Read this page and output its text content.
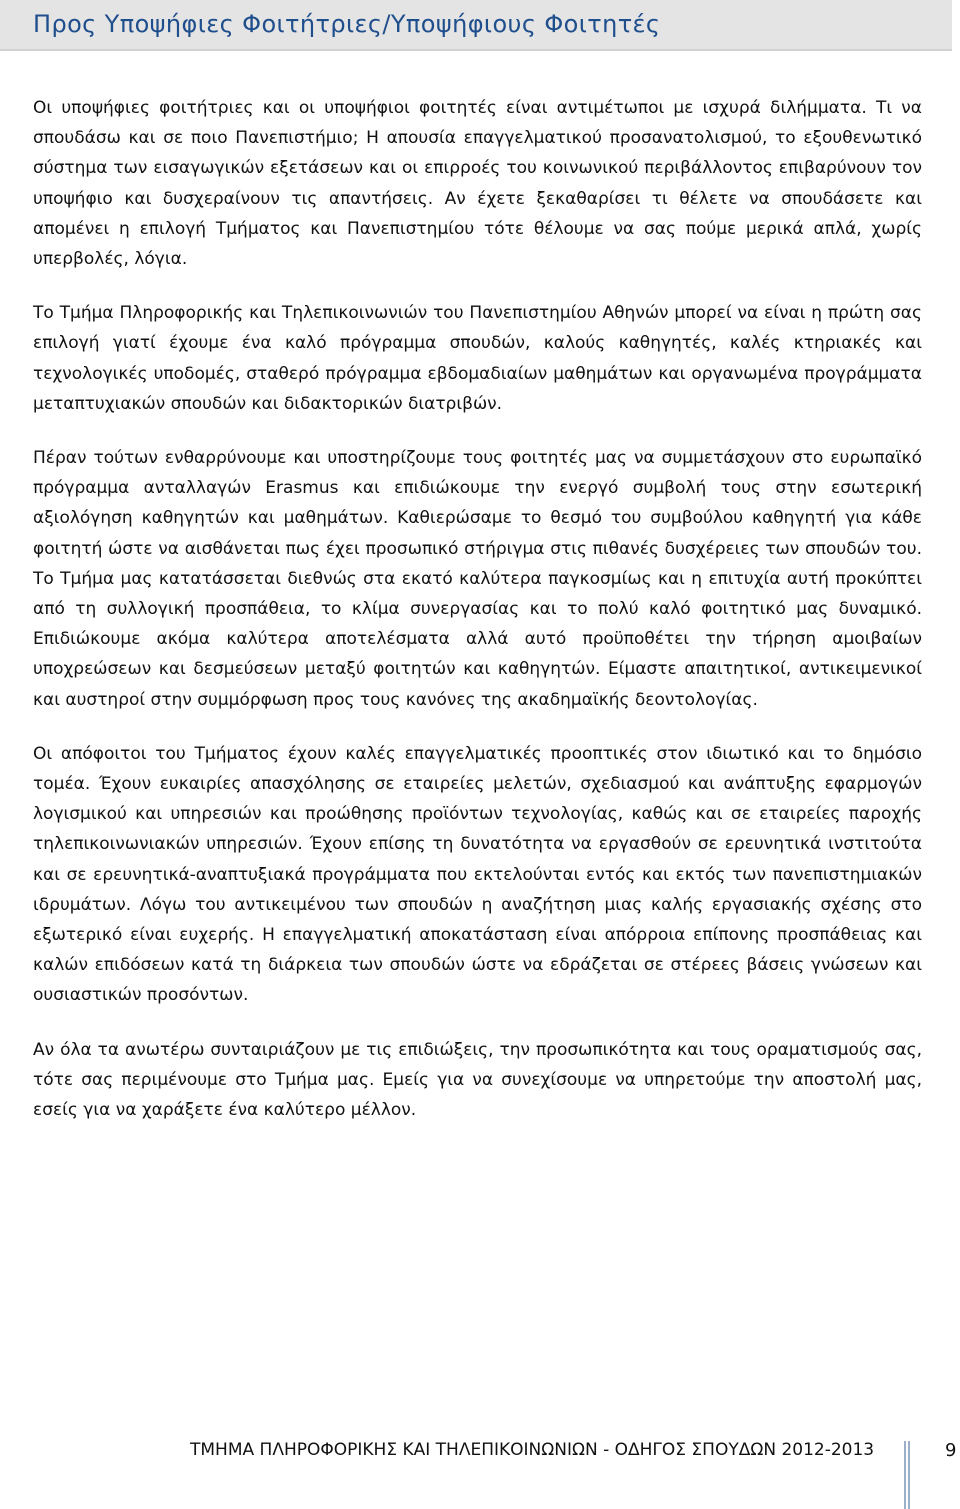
Προς Υποψήφιες Φοιτήτριες/Υποψήφιους Φοιτητές

Οι υποψήφιες φοιτήτριες και οι υποψήφιοι φοιτητές είναι αντιμέτωποι με ισχυρά διλήμματα. Τι να σπουδάσω και σε ποιο Πανεπιστήμιο; Η απουσία επαγγελματικού προσανατολισμού, το εξουθενωτικό σύστημα των εισαγωγικών εξετάσεων και οι επιρροές του κοινωνικού περιβάλλοντος επιβαρύνουν τον υποψήφιο και δυσχεραίνουν τις απαντήσεις. Αν έχετε ξεκαθαρίσει τι θέλετε να σπουδάσετε και απομένει η επιλογή Τμήματος και Πανεπιστημίου τότε θέλουμε να σας πούμε μερικά απλά, χωρίς υπερβολές, λόγια.

Το Τμήμα Πληροφορικής και Τηλεπικοινωνιών του Πανεπιστημίου Αθηνών μπορεί να είναι η πρώτη σας επιλογή γιατί έχουμε ένα καλό πρόγραμμα σπουδών, καλούς καθηγητές, καλές κτηριακές και τεχνολογικές υποδομές, σταθερό πρόγραμμα εβδομαδιαίων μαθημάτων και οργανωμένα προγράμματα μεταπτυχιακών σπουδών και διδακτορικών διατριβών.

Πέραν τούτων ενθαρρύνουμε και υποστηρίζουμε τους φοιτητές μας να συμμετάσχουν στο ευρωπαϊκό πρόγραμμα ανταλλαγών Erasmus και επιδιώκουμε την ενεργό συμβολή τους στην εσωτερική αξιολόγηση καθηγητών και μαθημάτων. Καθιερώσαμε το θεσμό του συμβούλου καθηγητή για κάθε φοιτητή ώστε να αισθάνεται πως έχει προσωπικό στήριγμα στις πιθανές δυσχέρειες των σπουδών του. Το Τμήμα μας κατατάσσεται διεθνώς στα εκατό καλύτερα παγκοσμίως και η επιτυχία αυτή προκύπτει από τη συλλογική προσπάθεια, το κλίμα συνεργασίας και το πολύ καλό φοιτητικό μας δυναμικό. Επιδιώκουμε ακόμα καλύτερα αποτελέσματα αλλά αυτό προϋποθέτει την τήρηση αμοιβαίων υποχρεώσεων και δεσμεύσεων μεταξύ φοιτητών και καθηγητών. Είμαστε απαιτητικοί, αντικειμενικοί και αυστηροί στην συμμόρφωση προς τους κανόνες της ακαδημαϊκής δεοντολογίας.

Οι απόφοιτοι του Τμήματος έχουν καλές επαγγελματικές προοπτικές στον ιδιωτικό και το δημόσιο τομέα. Έχουν ευκαιρίες απασχόλησης σε εταιρείες μελετών, σχεδιασμού και ανάπτυξης εφαρμογών λογισμικού και υπηρεσιών και προώθησης προϊόντων τεχνολογίας, καθώς και σε εταιρείες παροχής τηλεπικοινωνιακών υπηρεσιών. Έχουν επίσης τη δυνατότητα να εργασθούν σε ερευνητικά ινστιτούτα και σε ερευνητικά-αναπτυξιακά προγράμματα που εκτελούνται εντός και εκτός των πανεπιστημιακών ιδρυμάτων. Λόγω του αντικειμένου των σπουδών η αναζήτηση μιας καλής εργασιακής σχέσης στο εξωτερικό είναι ευχερής. Η επαγγελματική αποκατάσταση είναι απόρροια επίπονης προσπάθειας και καλών επιδόσεων κατά τη διάρκεια των σπουδών ώστε να εδράζεται σε στέρεες βάσεις γνώσεων και ουσιαστικών προσόντων.

Αν όλα τα ανωτέρω συνταιριάζουν με τις επιδιώξεις, την προσωπικότητα και τους οραματισμούς σας, τότε σας περιμένουμε στο Τμήμα μας. Εμείς για να συνεχίσουμε να υπηρετούμε την αποστολή μας, εσείς για να χαράξετε ένα καλύτερο μέλλον.

ΤΜΗΜΑ ΠΛΗΡΟΦΟΡΙΚΗΣ ΚΑΙ ΤΗΛΕΠΙΚΟΙΝΩΝΙΩΝ - ΟΔΗΓΟΣ ΣΠΟΥΔΩΝ 2012-2013	9
